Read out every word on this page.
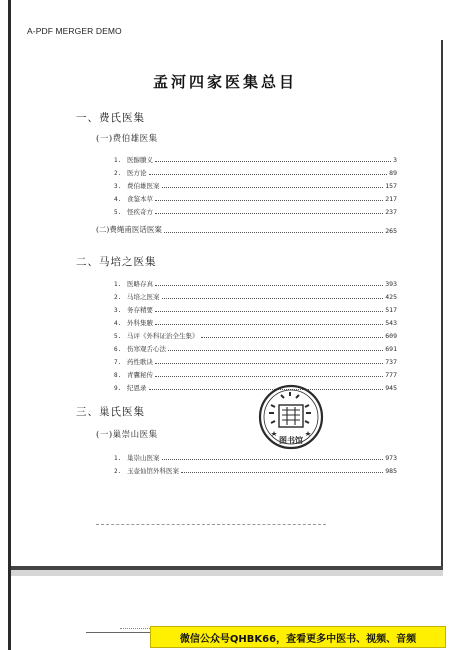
A-PDF MERGER DEMO
孟河四家医集总目
一、费氏医集
(一)费伯雄医集
1. 医醇賸义	3
2. 医方论	89
3. 费伯雄医案	157
4. 食鉴本草	217
5. 怪疾奇方	237
(二)费绳甫医话医案	265
二、马培之医集
1. 医略存真	393
2. 马培之医案	425
3. 务存精要	517
4. 外科集腋	543
5. 马评《外科证治全生集》	609
6. 伤寒观舌心法	691
7. 药性歌诀	737
8. 青囊秘传	777
9. 纪恩录	945
图书馆
三、巢氏医集
(一)巢崇山医集
1. 巢崇山医案	973
2. 玉壶仙馆外科医案	985
微信公众号QHBK66，查看更多中医书、视频、音频
